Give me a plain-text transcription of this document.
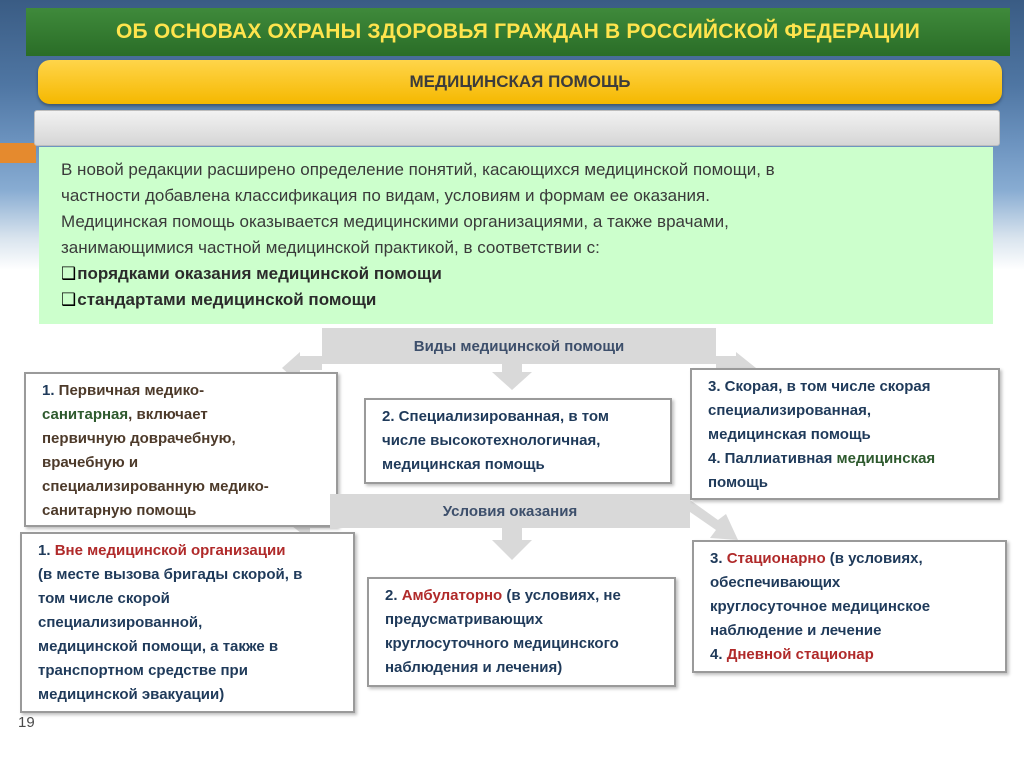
ОБ ОСНОВАХ ОХРАНЫ ЗДОРОВЬЯ ГРАЖДАН В РОССИЙСКОЙ ФЕДЕРАЦИИ
МЕДИЦИНСКАЯ ПОМОЩЬ

В новой редакции расширено определение понятий, касающихся медицинской помощи, в

частности добавлена классификация по видам, условиям и формам ее оказания.

Медицинская помощь оказывается медицинскими организациями, а также врачами,

занимающимися частной медицинской практикой, в соответствии с:

❑порядками оказания медицинской помощи

❑стандартами медицинской помощи

Виды медицинской помощи
1. Первичная медико-
санитарная, включает
первичную доврачебную,
врачебную и
специализированную медико-
санитарную помощь
2. Специализированная, в том
числе высокотехнологичная,
медицинская помощь
3. Скорая, в том числе скорая
специализированная,
медицинская помощь
4. Паллиативная медицинская
помощь
Условия оказания
1. Вне медицинской организации
(в месте вызова бригады скорой, в
том числе скорой
специализированной,
медицинской помощи, а также в
транспортном средстве при
медицинской эвакуации)
2. Амбулаторно (в условиях, не
предусматривающих
круглосуточного медицинского
наблюдения и лечения)
3. Стационарно (в условиях,
обеспечивающих
круглосуточное медицинское
наблюдение и лечение
4. Дневной стационар
19
